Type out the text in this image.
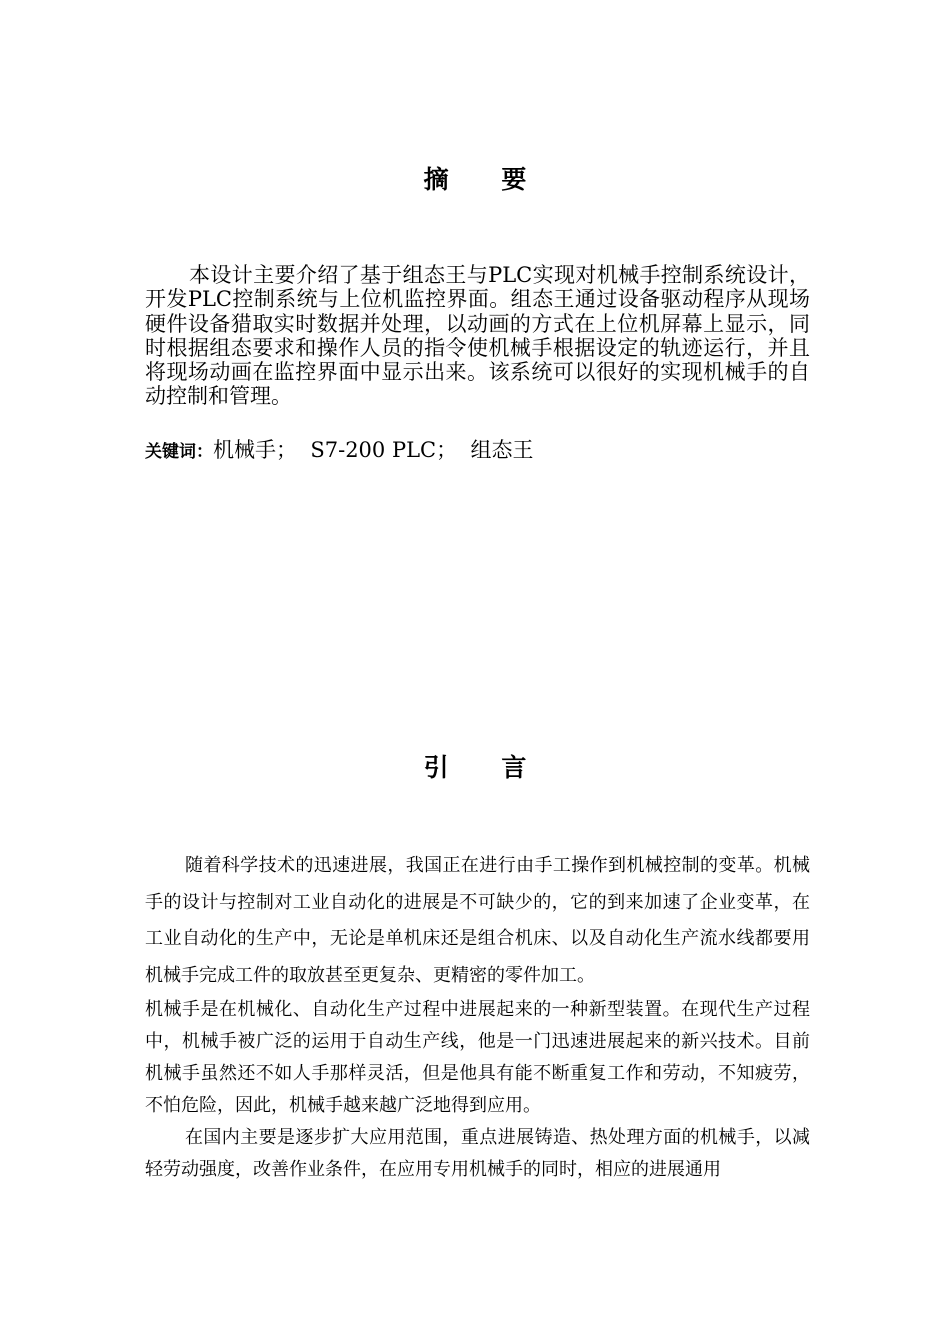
摘 要

本设计主要介绍了基于组态王与PLC实现对机械手控制系统设计，开发PLC控制系统与上位机监控界面。组态王通过设备驱动程序从现场硬件设备猎取实时数据并处理，以动画的方式在上位机屏幕上显示，同时根据组态要求和操作人员的指令使机械手根据设定的轨迹运行，并且将现场动画在监控界面中显示出来。该系统可以很好的实现机械手的自动控制和管理。

关键词：机械手；  S7-200 PLC；  组态王
引 言

随着科学技术的迅速进展，我国正在进行由手工操作到机械控制的变革。机械手的设计与控制对工业自动化的进展是不可缺少的，它的到来加速了企业变革，在工业自动化的生产中，无论是单机床还是组合机床、以及自动化生产流水线都要用机械手完成工件的取放甚至更复杂、更精密的零件加工。

机械手是在机械化、自动化生产过程中进展起来的一种新型装置。在现代生产过程中，机械手被广泛的运用于自动生产线，他是一门迅速进展起来的新兴技术。目前机械手虽然还不如人手那样灵活，但是他具有能不断重复工作和劳动，不知疲劳，不怕危险，因此，机械手越来越广泛地得到应用。

在国内主要是逐步扩大应用范围，重点进展铸造、热处理方面的机械手，以减轻劳动强度，改善作业条件，在应用专用机械手的同时，相应的进展通用
